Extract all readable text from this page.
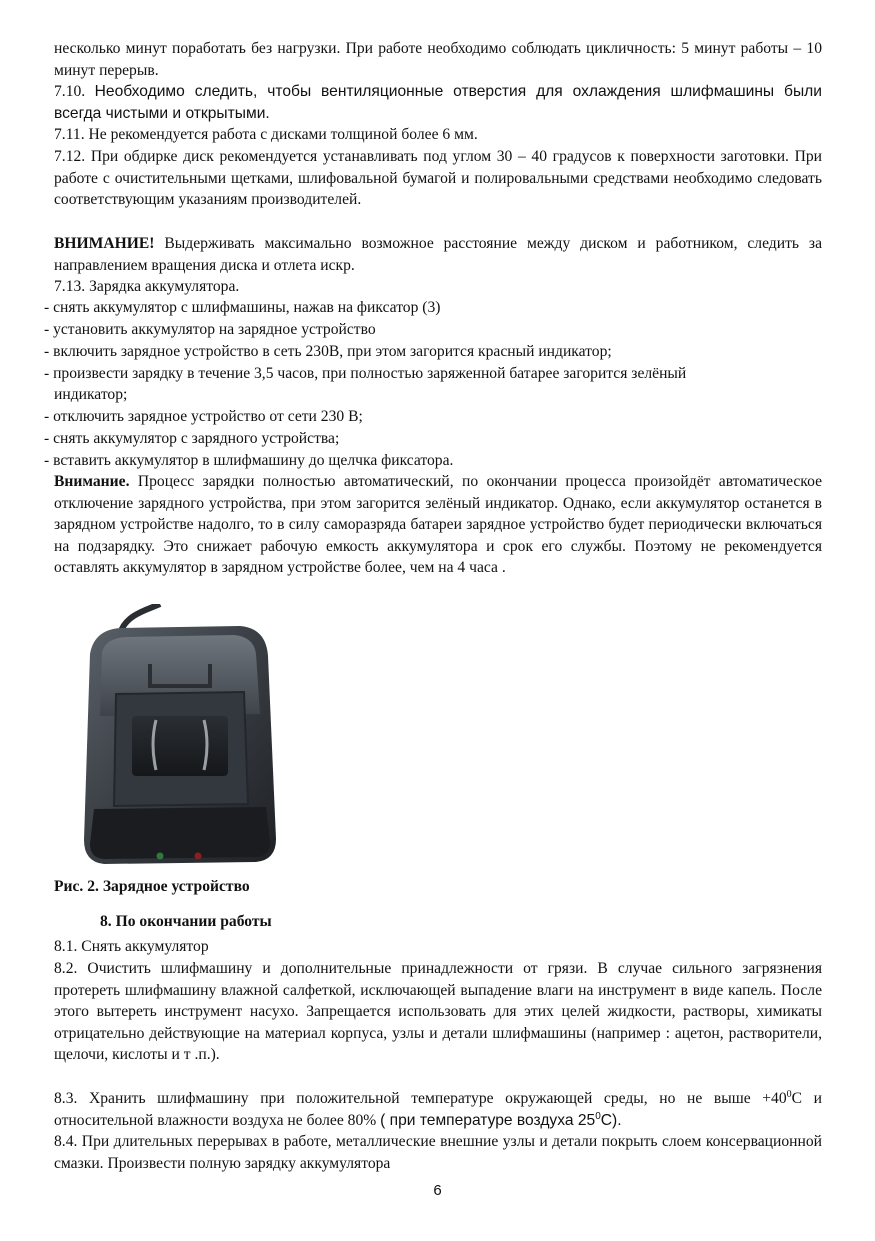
несколько минут поработать без нагрузки. При работе необходимо соблюдать цикличность: 5 минут работы – 10 минут перерыв.

7.10. Необходимо следить, чтобы вентиляционные отверстия для охлаждения шлифмашины были всегда чистыми и открытыми.

7.11. Не рекомендуется работа с дисками толщиной более 6 мм.

7.12. При обдирке диск рекомендуется устанавливать под углом 30 – 40 градусов к поверхности заготовки. При работе с очистительными щетками, шлифовальной бумагой и полировальными средствами необходимо следовать соответствующим указаниям производителей.

ВНИМАНИЕ! Выдерживать максимально возможное расстояние между диском и работником, следить за направлением вращения диска и отлета искр.

7.13. Зарядка аккумулятора.

- снять аккумулятор с шлифмашины, нажав на фиксатор (3)
- установить аккумулятор на зарядное устройство
- включить зарядное устройство в сеть 230В, при этом загорится красный индикатор;
- произвести зарядку в течение 3,5 часов, при полностью заряженной батарее загорится зелёный
индикатор;
- отключить зарядное устройство от сети 230 В;
- снять аккумулятор с зарядного устройства;
- вставить аккумулятор в шлифмашину до щелчка фиксатора.

Внимание. Процесс зарядки полностью автоматический, по окончании процесса произойдёт автоматическое отключение зарядного устройства, при этом загорится зелёный индикатор. Однако, если аккумулятор останется в зарядном устройстве надолго, то в силу саморазряда батареи зарядное устройство будет периодически включаться на подзарядку. Это снижает рабочую емкость аккумулятора и срок его службы. Поэтому не рекомендуется оставлять аккумулятор в зарядном устройстве более, чем на 4 часа .

Рис. 2. Зарядное устройство
8. По окончании работы

8.1. Снять аккумулятор

8.2. Очистить шлифмашину и дополнительные принадлежности от грязи. В случае сильного загрязнения протереть шлифмашину влажной салфеткой, исключающей выпадение влаги на инструмент в виде капель. После этого вытереть инструмент насухо. Запрещается использовать для этих целей жидкости, растворы, химикаты отрицательно действующие на материал корпуса, узлы и детали шлифмашины (например : ацетон, растворители, щелочи, кислоты и т .п.).

8.3. Хранить шлифмашину при положительной температуре окружающей среды, но не выше $+40^0С$ и относительной влажности воздуха не более 80% ( при температуре воздуха $25^0С$).

8.4. При длительных перерывах в работе, металлические внешние узлы и детали покрыть слоем консервационной смазки. Произвести полную зарядку аккумулятора

6
